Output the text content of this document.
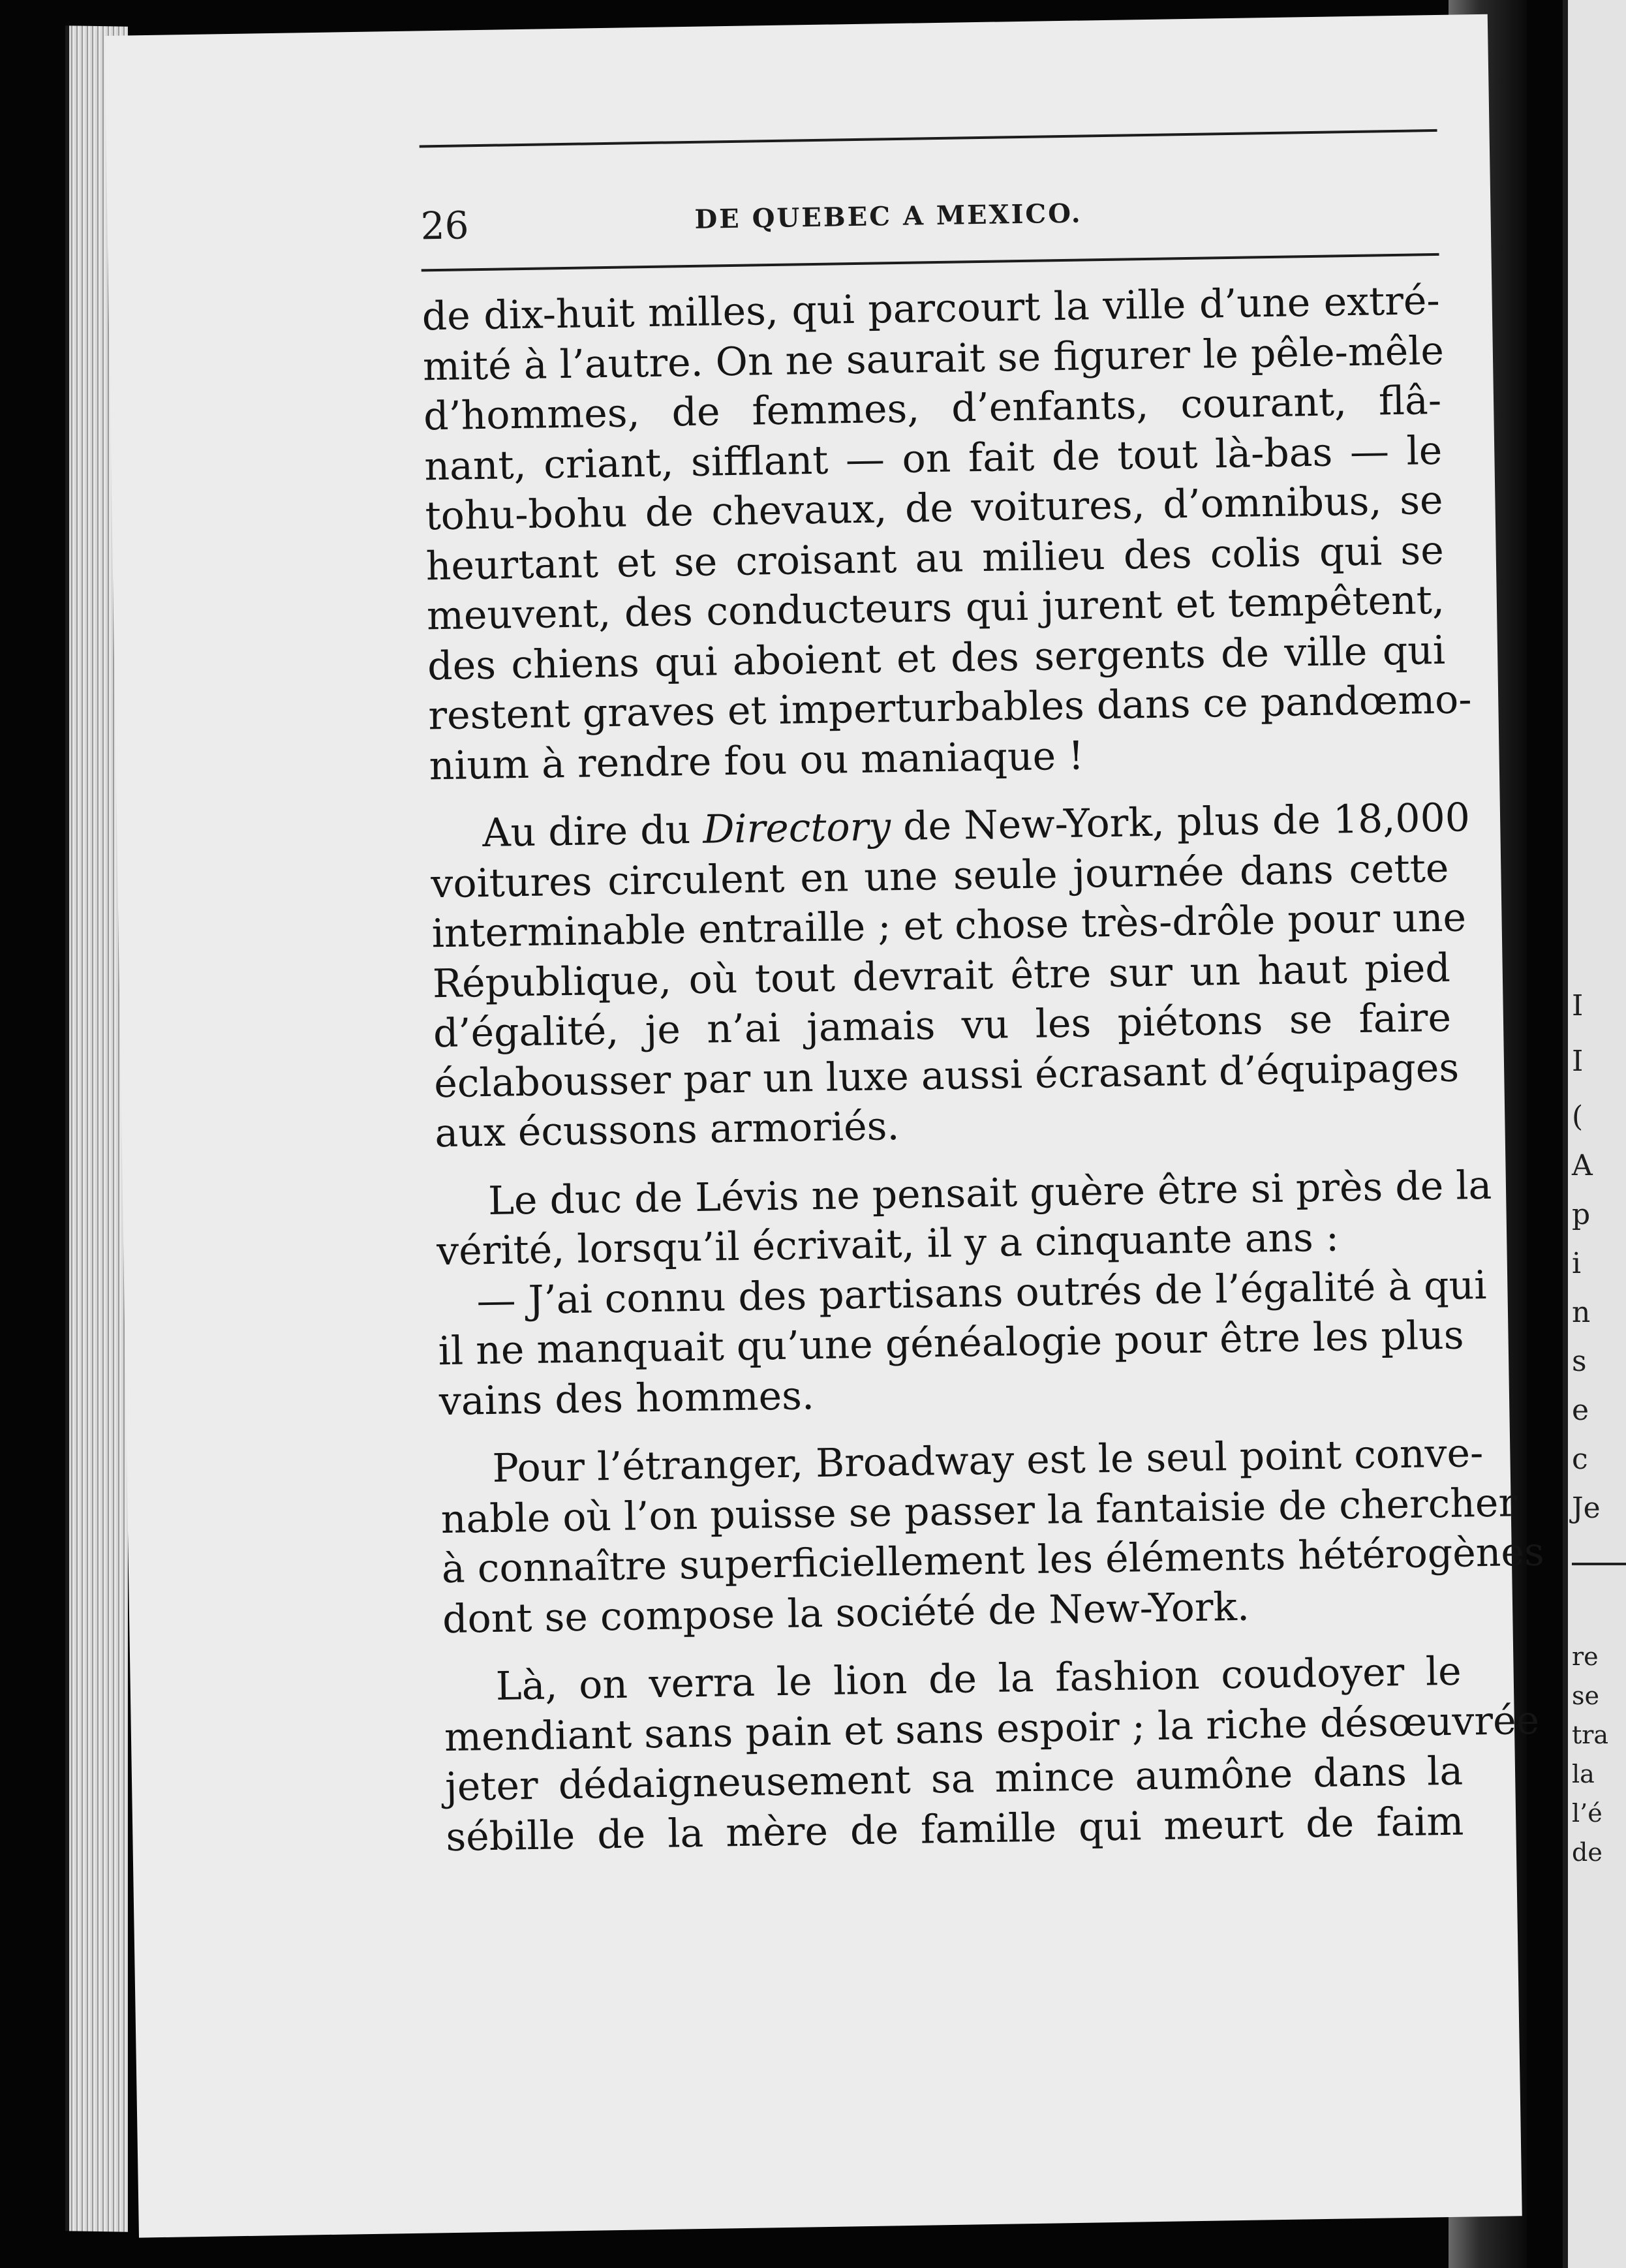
I
I
(
A
p
i
n
s
e
c
Je
re
se
tra
la
l’é
de
26	DE QUEBEC A MEXICO.

de dix-huit milles, qui parcourt la ville d’une extré-
mité à l’autre. On ne saurait se figurer le pêle-mêle
d’hommes, de femmes, d’enfants, courant, flâ-
nant, criant, sifflant — on fait de tout là-bas — le
tohu-bohu de chevaux, de voitures, d’omnibus, se
heurtant et se croisant au milieu des colis qui se
meuvent, des conducteurs qui jurent et tempêtent,
des chiens qui aboient et des sergents de ville qui
restent graves et imperturbables dans ce pandœmo-
nium à rendre fou ou maniaque !

Au dire du Directory de New-York, plus de 18,000
voitures circulent en une seule journée dans cette
interminable entraille ; et chose très-drôle pour une
République, où tout devrait être sur un haut pied
d’égalité, je n’ai jamais vu les piétons se faire
éclabousser par un luxe aussi écrasant d’équipages
aux écussons armoriés.

Le duc de Lévis ne pensait guère être si près de la
vérité, lorsqu’il écrivait, il y a cinquante ans :

— J’ai connu des partisans outrés de l’égalité à qui
il ne manquait qu’une généalogie pour être les plus
vains des hommes.

Pour l’étranger, Broadway est le seul point conve-
nable où l’on puisse se passer la fantaisie de chercher
à connaître superficiellement les éléments hétérogènes
dont se compose la société de New-York.

Là, on verra le lion de la fashion coudoyer le
mendiant sans pain et sans espoir ; la riche désœuvrée
jeter dédaigneusement sa mince aumône dans la
sébille de la mère de famille qui meurt de faim
